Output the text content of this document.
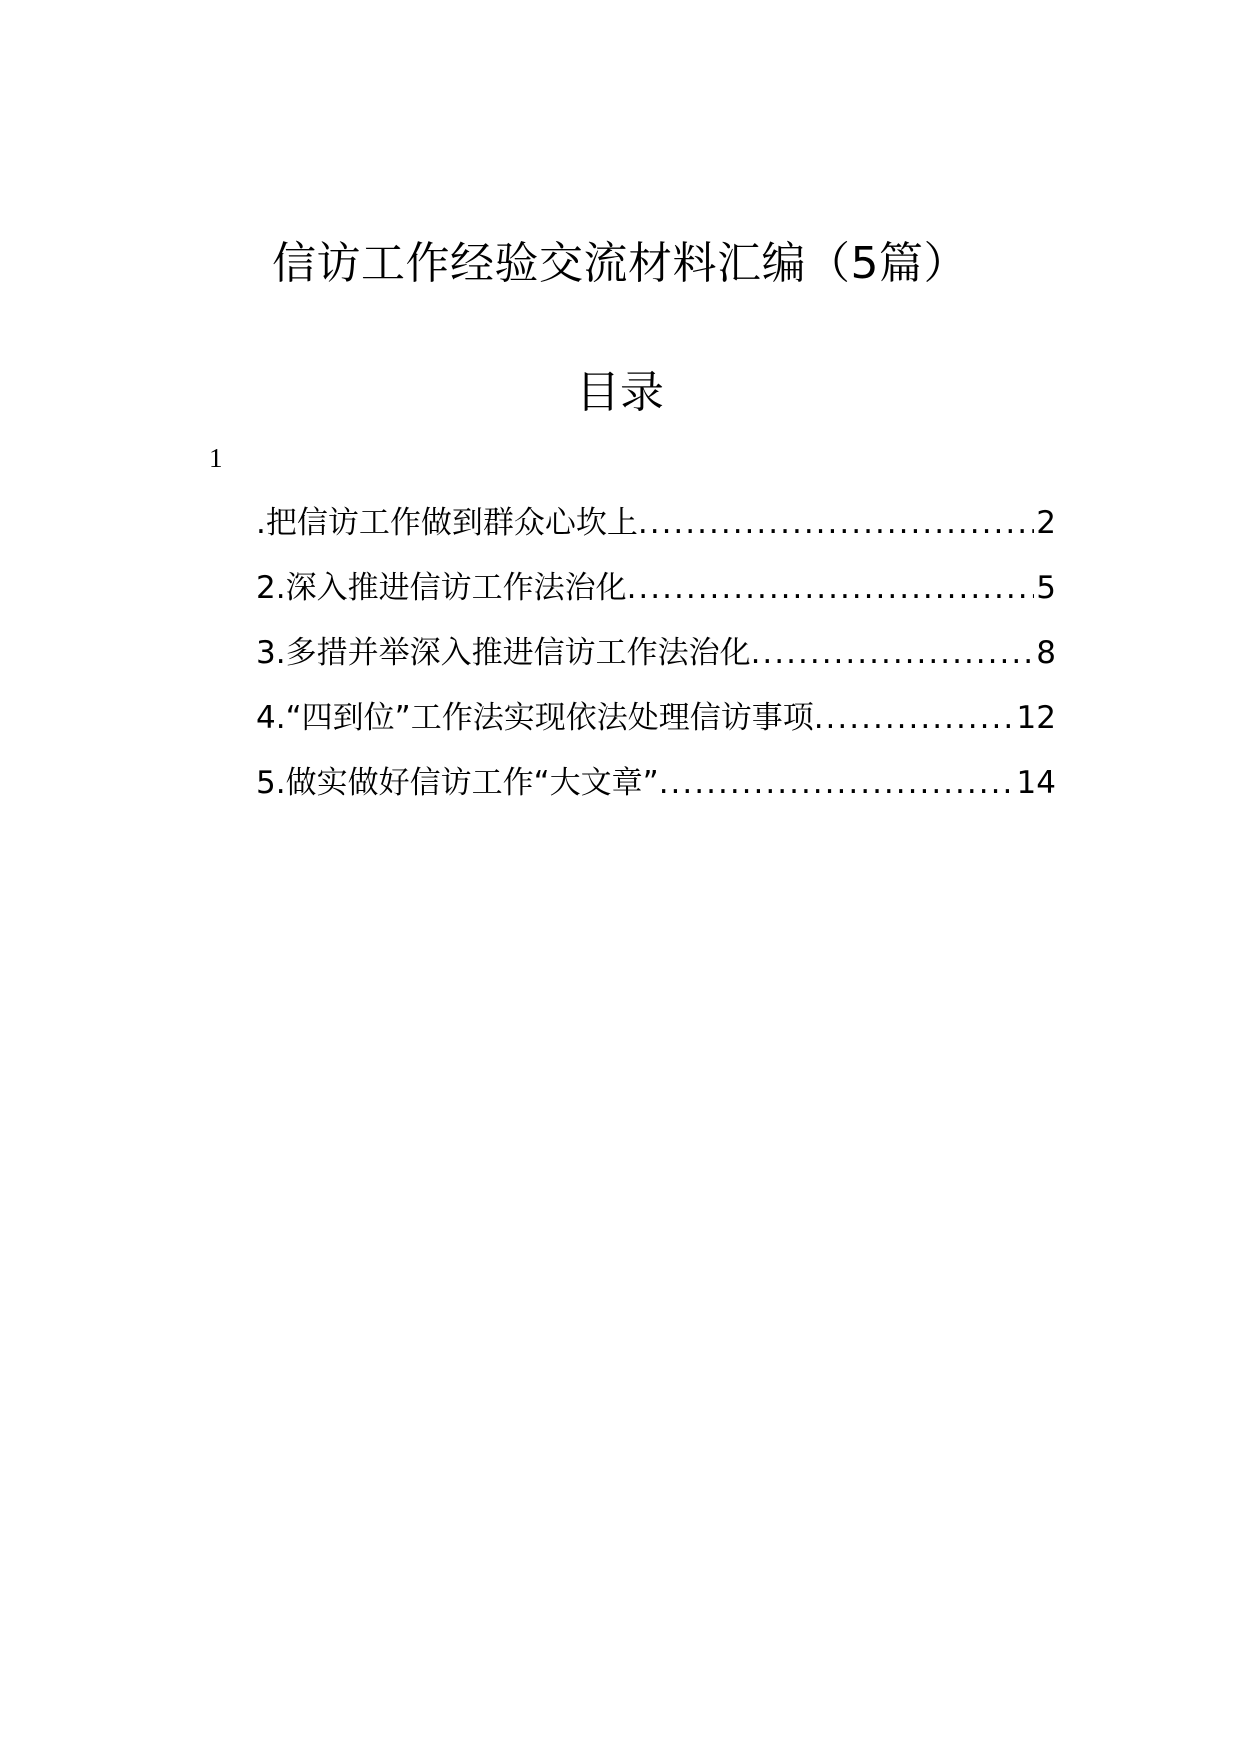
信访工作经验交流材料汇编（5篇）
目录
1
.把信访工作做到群众心坎上 .....	2
2.深入推进信访工作法治化 .....	5
3.多措并举深入推进信访工作法治化 .....	8
4.“四到位”工作法实现依法处理信访事项 .....	12
5.做实做好信访工作“大文章” .....	14
